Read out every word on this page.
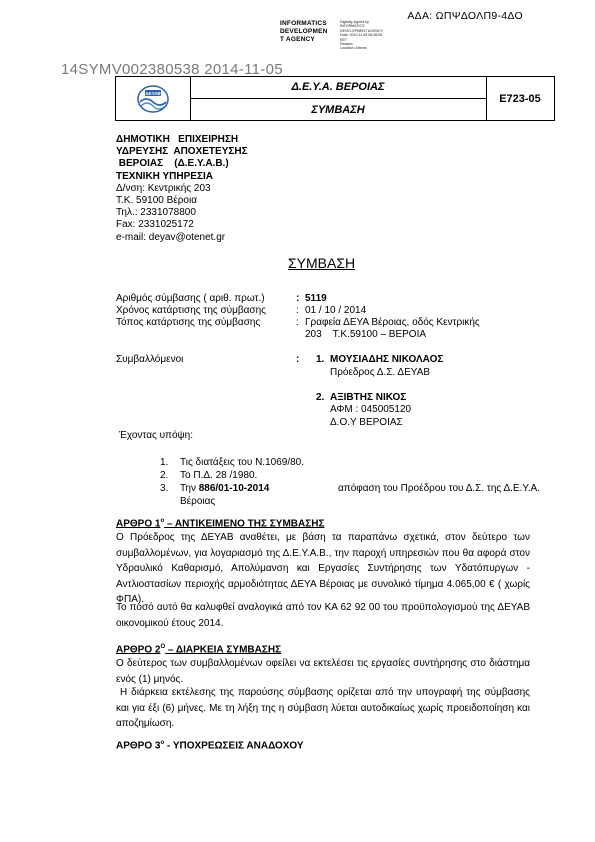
ΑΔΑ: ΩΠΨΔΟΛΠ9-4ΔΟ
INFORMATICS
DEVELOPMEN
T AGENCY
Digitally signed by
INFORMATICS
DEVELOPMENT AGENCY
Date: 2014.11.05 08:36:55
EET
Reason:
Location: Athens
14SYMV002380538 2014-11-05
ΔΕΥΑΒ
Δ.Ε.Υ.Α. ΒΕΡΟΙΑΣ
ΣΥΜΒΑΣΗ
Ε723-05
ΔΗΜΟΤΙΚΗ   ΕΠΙΧΕΙΡΗΣΗ
ΥΔΡΕΥΣΗΣ  ΑΠΟΧΕΤΕΥΣΗΣ
ΒΕΡΟΙΑΣ    (Δ.Ε.Υ.Α.Β.)
ΤΕΧΝΙΚΗ ΥΠΗΡΕΣΙΑ
Δ/νση: Κεντρικής 203
Τ.Κ. 59100 Βέροια
Τηλ.: 2331078800
Fax: 2331025172
e-mail: deyav@otenet.gr
ΣΥΜΒΑΣΗ
Αριθμός σύμβασης ( αριθ. πρωτ.)	: 5119
Χρόνος κατάρτισης της σύμβασης	: 01 / 10 / 2014
Τόπος κατάρτισης της σύμβασης	: Γραφεία ΔΕΥΑ Βέροιας, οδός Κεντρικής
203    Τ.Κ.59100 – ΒΕΡΟΙΑ
Συμβαλλόμενοι	: 1. ΜΟΥΣΙΑΔΗΣ ΝΙΚΟΛΑΟΣ
Πρόεδρος Δ.Σ. ΔΕΥΑΒ
2. ΑΞΙΒΤΗΣ ΝΙΚΟΣ
ΑΦΜ : 045005120
Δ.Ο.Υ ΒΕΡΟΙΑΣ
Έχοντας υπόψη:
1. Τις διατάξεις του Ν.1069/80.
2. Το Π.Δ. 28 /1980.
3. Την 886/01-10-2014	απόφαση του Προέδρου του Δ.Σ. της Δ.Ε.Υ.Α.
Βέροιας
ΑΡΘΡΟ $1^o$ – ΑΝΤΙΚΕΙΜΕΝΟ ΤΗΣ ΣΥΜΒΑΣΗΣ
Ο Πρόεδρος της ΔΕΥΑΒ αναθέτει, με βάση τα παραπάνω σχετικά, στον δεύτερο των συμβαλλομένων, για λογαριασμό της Δ.Ε.Υ.Α.Β., την παροχή υπηρεσιών που θα αφορά στον Υδραυλικό Καθαρισμό, Απολύμανση και Εργασίες Συντήρησης των Υδατόπυργων - Αντλιοστασίων περιοχής αρμοδιότητας ΔΕΥΑ Βέροιας με συνολικό τίμημα 4.065,00 € ( χωρίς ΦΠΑ).
Το ποσό αυτό θα καλυφθεί αναλογικά από τον ΚΑ 62 92 00 του προϋπολογισμού της ΔΕΥΑΒ οικονομικού έτους 2014.
ΑΡΘΡΟ $2^O$ – ΔΙΑΡΚΕΙΑ ΣΥΜΒΑΣΗΣ
Ο δεύτερος των συμβαλλομένων οφείλει να εκτελέσει τις εργασίες συντήρησης στο διάστημα ενός (1) μηνός.
Η διάρκεια εκτέλεσης της παρούσης σύμβασης ορίζεται από την υπογραφή της σύμβασης και για έξι (6) μήνες. Με τη λήξη της η σύμβαση λύεται αυτοδικαίως χωρίς προειδοποίηση και αποζημίωση.
ΑΡΘΡΟ $3^o$ - ΥΠΟΧΡΕΩΣΕΙΣ ΑΝΑΔΟΧΟΥ
